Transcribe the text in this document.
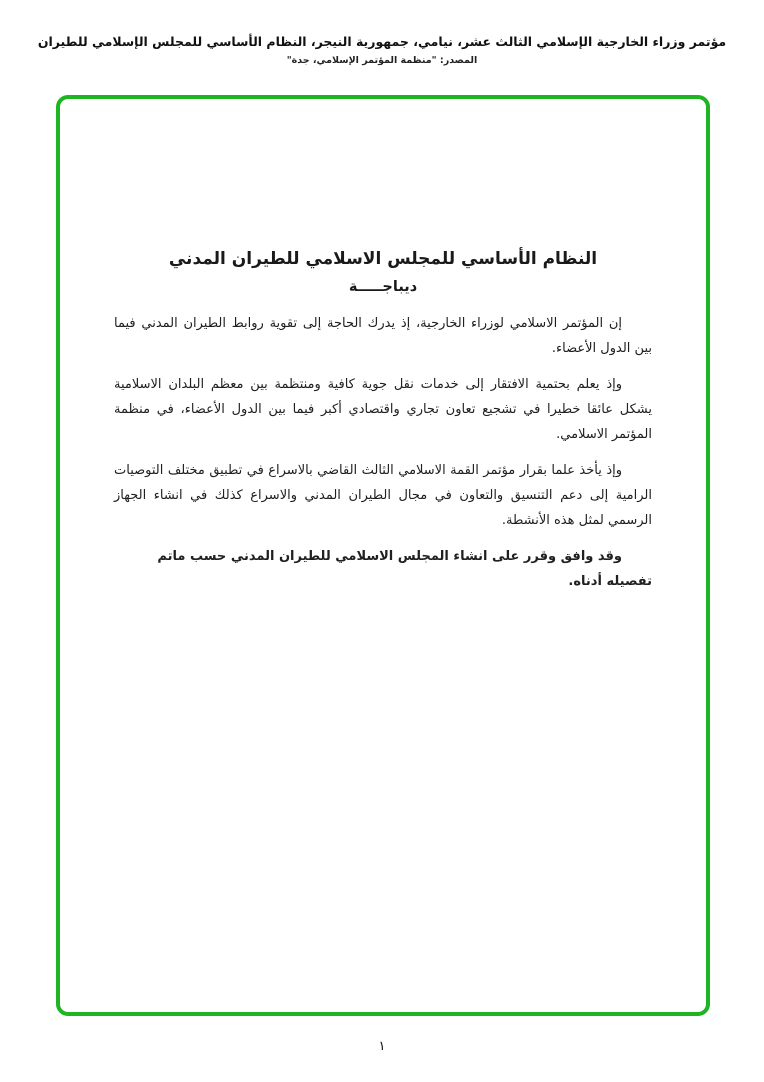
مؤتمر وزراء الخارجية الإسلامي الثالث عشر، نيامي، جمهورية النيجر، النظام الأساسي للمجلس الإسلامي للطيران
المصدر: "منظمة المؤتمر الإسلامي، جدة"
النظام الأساسي للمجلس الاسلامي للطيران المدني
ديباجـــــة

إن المؤتمر الاسلامي لوزراء الخارجية، إذ يدرك الحاجة إلى تقوية روابط الطيران المدني فيما بين الدول الأعضاء.

وإذ يعلم بحتمية الافتقار إلى خدمات نقل جوية كافية ومنتظمة بين معظم البلدان الاسلامية يشكل عائقا خطيرا في تشجيع تعاون تجاري واقتصادي أكبر فيما بين الدول الأعضاء، في منظمة المؤتمر الاسلامي.

وإذ يأخذ علما بقرار مؤتمر القمة الاسلامي الثالث القاضي بالاسراع في تطبيق مختلف التوصيات الرامية إلى دعم التنسيق والتعاون في مجال الطيران المدني والاسراع كذلك في انشاء الجهاز الرسمي لمثل هذه الأنشطة.

وقد وافق وقرر على انشاء المجلس الاسلامي للطيران المدني حسب ماتم تفصيله أدناه.

١
